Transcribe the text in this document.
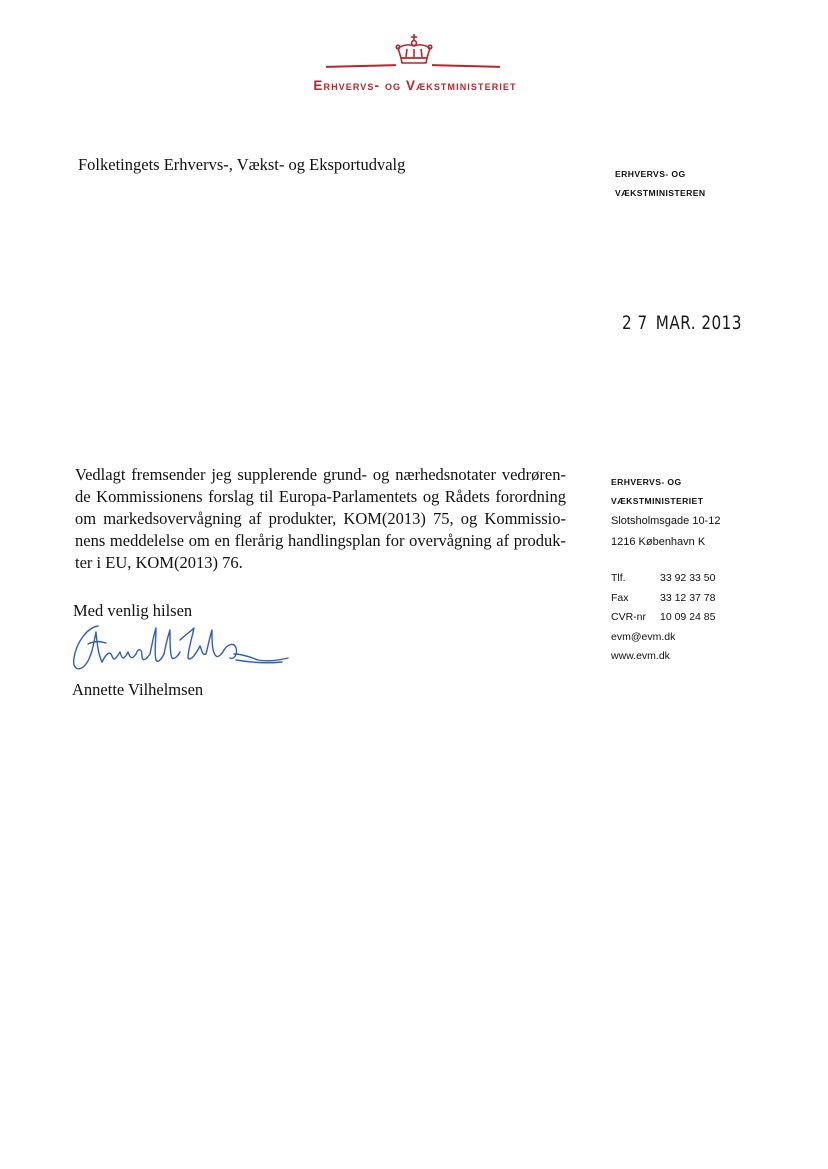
Erhvervs- og Vækstministeriet
Folketingets Erhvervs-, Vækst- og Eksportudvalg	ERHVERVS- OG
VÆKSTMINISTEREN
2 7 MAR. 2013
Vedlagt fremsender jeg supplerende grund- og nærhedsnotater vedrøren-
de Kommissionens forslag til Europa-Parlamentets og Rådets forordning
om markedsovervågning af produkter, KOM(2013) 75, og Kommissio-
nens meddelelse om en flerårig handlingsplan for overvågning af produk-
ter i EU, KOM(2013) 76.
Med venlig hilsen
Annette Vilhelmsen
ERHVERVS- OG
VÆKSTMINISTERIET
Slotsholmsgade 10-12
1216 København K
Tlf.	33 92 33 50
Fax	33 12 37 78
CVR-nr	10 09 24 85
evm@evm.dk
www.evm.dk
